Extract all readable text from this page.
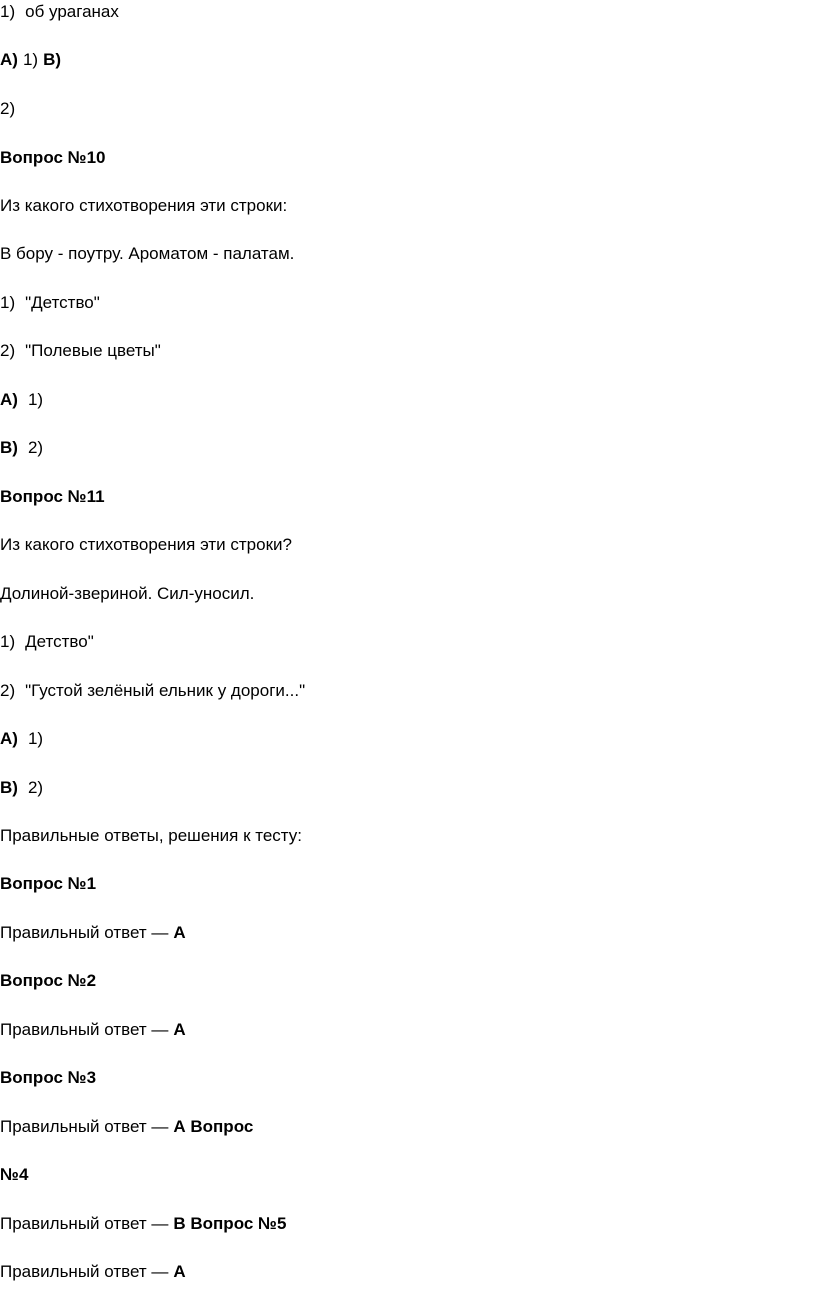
1) об ураганах
А) 1) В)
2)
Вопрос №10
Из какого стихотворения эти строки:
В бору - поутру. Ароматом - палатам.
1) "Детство"
2) "Полевые цветы"
А) 1)
В) 2)
Вопрос №11
Из какого стихотворения эти строки?
Долиной-звериной. Сил-уносил.
1) Детство"
2) "Густой зелёный ельник у дороги..."
А) 1)
В) 2)
Правильные ответы, решения к тесту:
Вопрос №1
Правильный ответ — А
Вопрос №2
Правильный ответ — А
Вопрос №3
Правильный ответ — А Вопрос
№4
Правильный ответ — В Вопрос №5
Правильный ответ — А
